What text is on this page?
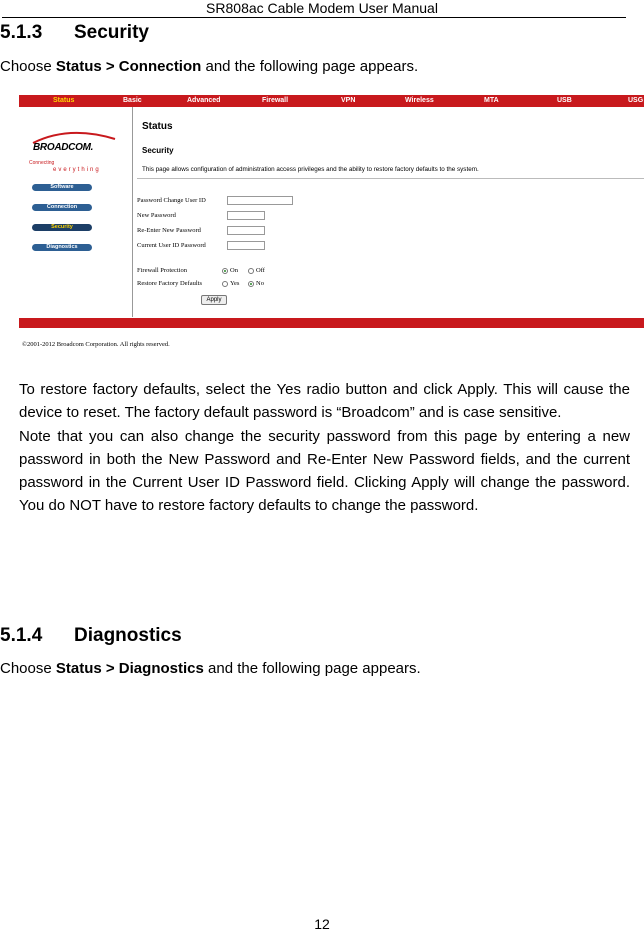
SR808ac Cable Modem User Manual
5.1.3 Security
Choose Status > Connection and the following page appears.
Status	Basic	Advanced	Firewall	VPN	Wireless	MTA	USB	USG
BROADCOM.
Connecting
everything
Software
Connection
Security
Diagnostics
Status
Security
This page allows configuration of administration access privileges and the ability to restore factory defaults to the system.
Password Change User ID
New Password
Re-Enter New Password
Current User ID Password
Firewall Protection	On	Off
Restore Factory Defaults	Yes	No
Apply
©2001-2012 Broadcom Corporation. All rights reserved.

To restore factory defaults, select the Yes radio button and click Apply. This will cause the device to reset. The factory default password is “Broadcom” and is case sensitive.

Note that you can also change the security password from this page by entering a new password in both the New Password and Re-Enter New Password fields, and the current password in the Current User ID Password field. Clicking Apply will change the password. You do NOT have to restore factory defaults to change the password.

5.1.4 Diagnostics
Choose Status > Diagnostics and the following page appears.
12
